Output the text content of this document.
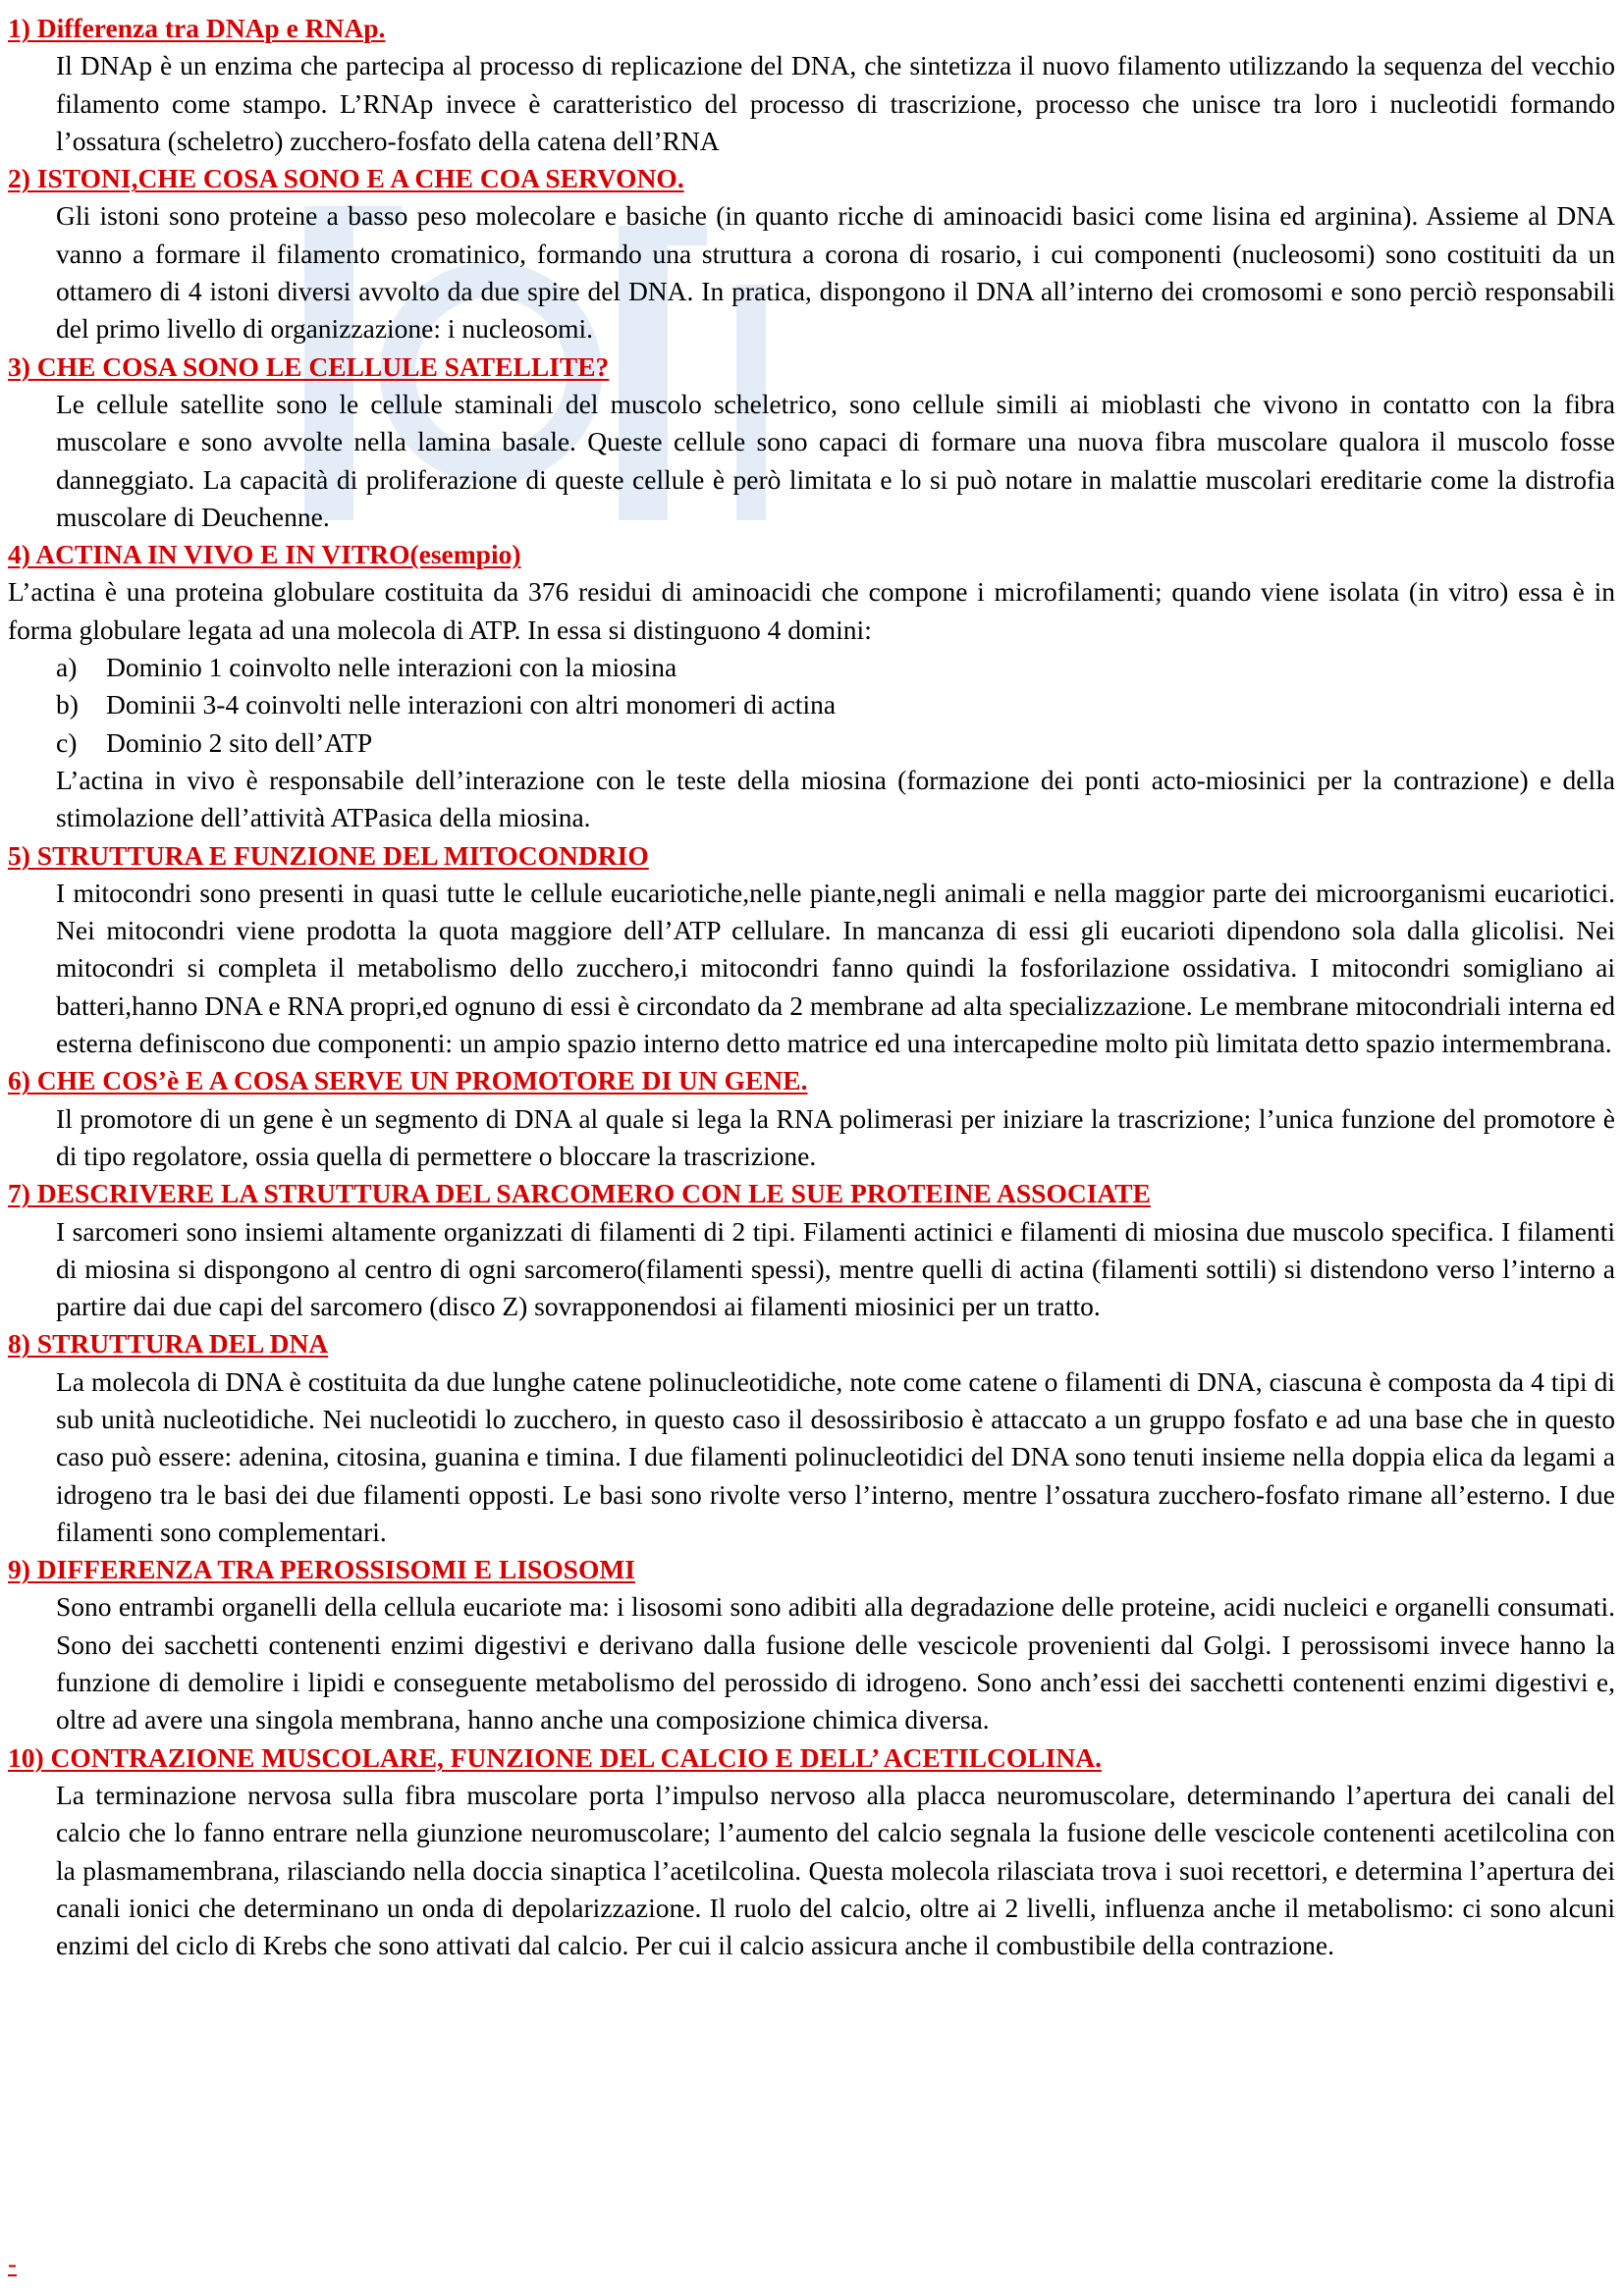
1) Differenza tra DNAp e RNAp.

Il DNAp è un enzima che partecipa al processo di replicazione del DNA, che sintetizza il nuovo filamento utilizzando la sequenza del vecchio filamento come stampo. L’RNAp invece è caratteristico del processo di trascrizione, processo che unisce tra loro i nucleotidi formando l’ossatura (scheletro) zucchero-fosfato della catena dell’RNA

2) ISTONI,CHE COSA SONO E A CHE COA SERVONO.

Gli istoni sono proteine a basso peso molecolare e basiche (in quanto ricche di aminoacidi basici come lisina ed arginina). Assieme al DNA vanno a formare il filamento cromatinico, formando una struttura a corona di rosario, i cui componenti (nucleosomi) sono costituiti da un ottamero di 4 istoni diversi avvolto da due spire del DNA. In pratica, dispongono il DNA all’interno dei cromosomi e sono perciò responsabili del primo livello di organizzazione: i nucleosomi.

3) CHE COSA SONO LE CELLULE SATELLITE?

Le cellule satellite sono le cellule staminali del muscolo scheletrico, sono cellule simili ai mioblasti che vivono in contatto con la fibra muscolare e sono avvolte nella lamina basale. Queste cellule sono capaci di formare una nuova fibra muscolare qualora il muscolo fosse danneggiato. La capacità di proliferazione di queste cellule è però limitata e lo si può notare in malattie muscolari ereditarie come la distrofia muscolare di Deuchenne.

4) ACTINA IN VIVO E IN VITRO(esempio)

L’actina è una proteina globulare costituita da 376 residui di aminoacidi che compone i microfilamenti; quando viene isolata (in vitro) essa è in forma globulare legata ad una molecola di ATP. In essa si distinguono 4 domini:

a)	Dominio 1 coinvolto nelle interazioni con la miosina
b)	Dominii 3-4 coinvolti nelle interazioni con altri monomeri di actina
c)	Dominio 2 sito dell’ATP

L’actina in vivo è responsabile dell’interazione con le teste della miosina (formazione dei ponti acto-miosinici per la contrazione) e della stimolazione dell’attività ATPasica della miosina.

5) STRUTTURA E FUNZIONE DEL MITOCONDRIO

I mitocondri sono presenti in quasi tutte le cellule eucariotiche,nelle piante,negli animali e nella maggior parte dei microorganismi eucariotici. Nei mitocondri viene prodotta la quota maggiore dell’ATP cellulare. In mancanza di essi gli eucarioti dipendono sola dalla glicolisi. Nei mitocondri si completa il metabolismo dello zucchero,i mitocondri fanno quindi la fosforilazione ossidativa. I mitocondri somigliano ai batteri,hanno DNA e RNA propri,ed ognuno di essi è circondato da 2 membrane ad alta specializzazione. Le membrane mitocondriali interna ed esterna definiscono due componenti: un ampio spazio interno detto matrice ed una intercapedine molto più limitata detto spazio intermembrana.

6) CHE COS’è E A COSA SERVE UN PROMOTORE DI UN GENE.

Il promotore di un gene è un segmento di DNA al quale si lega la RNA polimerasi per iniziare la trascrizione; l’unica funzione del promotore è di tipo regolatore, ossia quella di permettere o bloccare la trascrizione.

7) DESCRIVERE LA STRUTTURA DEL SARCOMERO CON LE SUE PROTEINE ASSOCIATE

I sarcomeri sono insiemi altamente organizzati di filamenti di 2 tipi. Filamenti actinici e filamenti di miosina due muscolo specifica. I filamenti di miosina si dispongono al centro di ogni sarcomero(filamenti spessi), mentre quelli di actina (filamenti sottili) si distendono verso l’interno a partire dai due capi del sarcomero (disco Z) sovrapponendosi ai filamenti miosinici per un tratto.

8) STRUTTURA DEL DNA

La molecola di DNA è costituita da due lunghe catene polinucleotidiche, note come catene o filamenti di DNA, ciascuna è composta da 4 tipi di sub unità nucleotidiche. Nei nucleotidi lo zucchero, in questo caso il desossiribosio è attaccato a un gruppo fosfato e ad una base che in questo caso può essere: adenina, citosina, guanina e timina. I due filamenti polinucleotidici del DNA sono tenuti insieme nella doppia elica da legami a idrogeno tra le basi dei due filamenti opposti. Le basi sono rivolte verso l’interno, mentre l’ossatura zucchero-fosfato rimane all’esterno. I due filamenti sono complementari.

9) DIFFERENZA TRA PEROSSISOMI E LISOSOMI

Sono entrambi organelli della cellula eucariote ma: i lisosomi sono adibiti alla degradazione delle proteine, acidi nucleici e organelli consumati. Sono dei sacchetti contenenti enzimi digestivi e derivano dalla fusione delle vescicole provenienti dal Golgi. I perossisomi invece hanno la funzione di demolire i lipidi e conseguente metabolismo del perossido di idrogeno. Sono anch’essi dei sacchetti contenenti enzimi digestivi e, oltre ad avere una singola membrana, hanno anche una composizione chimica diversa.

10) CONTRAZIONE MUSCOLARE, FUNZIONE DEL CALCIO E DELL’ ACETILCOLINA.

La terminazione nervosa sulla fibra muscolare porta l’impulso nervoso alla placca neuromuscolare, determinando l’apertura dei canali del calcio che lo fanno entrare nella giunzione neuromuscolare; l’aumento del calcio segnala la fusione delle vescicole contenenti acetilcolina con la plasmamembrana, rilasciando nella doccia sinaptica l’acetilcolina. Questa molecola rilasciata trova i suoi recettori, e determina l’apertura dei canali ionici che determinano un onda di depolarizzazione. Il ruolo del calcio, oltre ai 2 livelli, influenza anche il metabolismo: ci sono alcuni enzimi del ciclo di Krebs che sono attivati dal calcio. Per cui il calcio assicura anche il combustibile della contrazione.

-
